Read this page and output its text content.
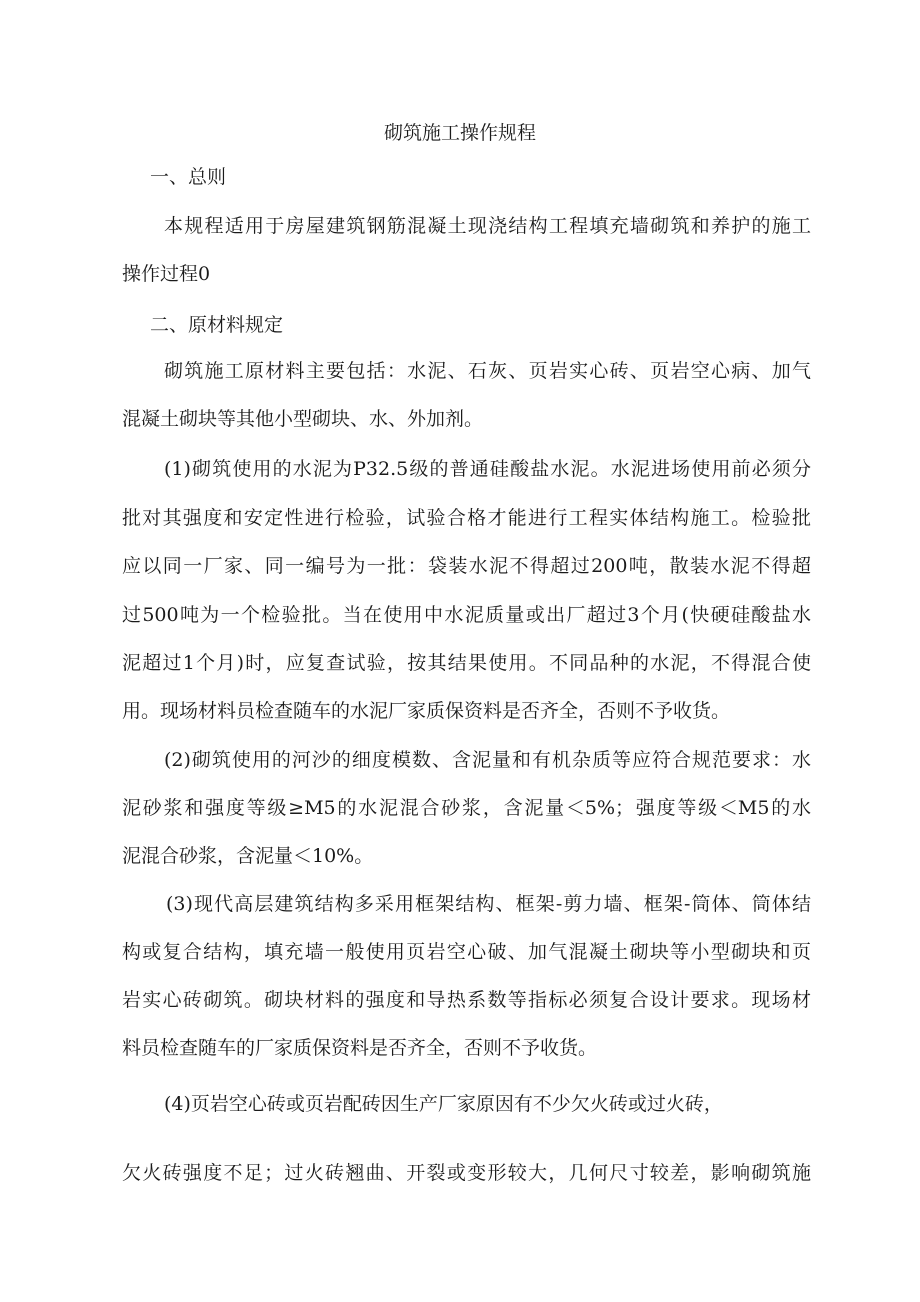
砌筑施工操作规程
一、总则
本规程适用于房屋建筑钢筋混凝土现浇结构工程填充墙砌筑和养护的施工
操作过程0
二、原材料规定
砌筑施工原材料主要包括：水泥、石灰、页岩实心砖、页岩空心病、加气
混凝土砌块等其他小型砌块、水、外加剂。
(1)砌筑使用的水泥为P32.5级的普通硅酸盐水泥。水泥进场使用前必须分
批对其强度和安定性进行检验，试验合格才能进行工程实体结构施工。检验批
应以同一厂家、同一编号为一批：袋装水泥不得超过200吨，散装水泥不得超
过500吨为一个检验批。当在使用中水泥质量或出厂超过3个月(快硬硅酸盐水
泥超过1个月)时，应复查试验，按其结果使用。不同品种的水泥，不得混合使
用。现场材料员检查随车的水泥厂家质保资料是否齐全，否则不予收货。
(2)砌筑使用的河沙的细度模数、含泥量和有机杂质等应符合规范要求：水
泥砂浆和强度等级≥M5的水泥混合砂浆，含泥量＜5%；强度等级＜M5的水
泥混合砂浆，含泥量＜10%。
(3)现代高层建筑结构多采用框架结构、框架-剪力墙、框架-筒体、筒体结
构或复合结构，填充墙一般使用页岩空心破、加气混凝土砌块等小型砌块和页
岩实心砖砌筑。砌块材料的强度和导热系数等指标必须复合设计要求。现场材
料员检查随车的厂家质保资料是否齐全，否则不予收货。
(4)页岩空心砖或页岩配砖因生产厂家原因有不少欠火砖或过火砖，
欠火砖强度不足；过火砖翘曲、开裂或变形较大，几何尺寸较差，影响砌筑施
